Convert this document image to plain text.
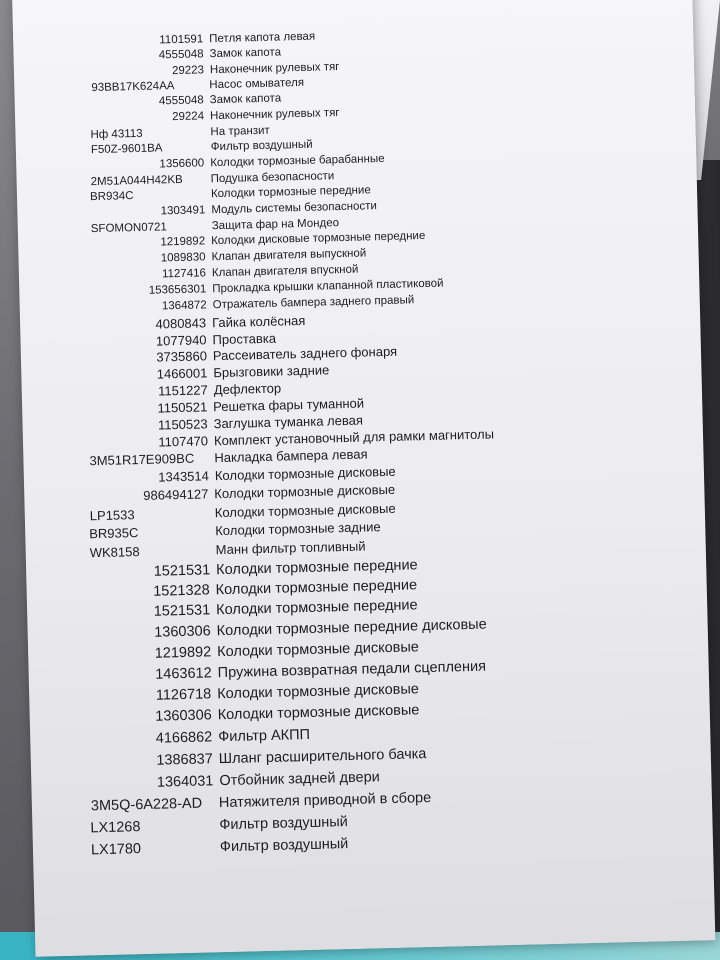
1101591 Петля капота левая
4555048 Замок капота
29223 Наконечник рулевых тяг
93BB17K624AA	Насос омывателя
4555048 Замок капота
29224 Наконечник рулевых тяг
Нф 43113	На транзит
F50Z-9601BA	Фильтр воздушный
1356600 Колодки тормозные барабанные
2M51A044H42KB Подушка безопасности
BR934C	Колодки тормозные передние
1303491 Модуль системы безопасности
SFOMON0721	Защита фар на Мондео
1219892 Колодки дисковые тормозные передние
1089830 Клапан двигателя выпускной
1127416 Клапан двигателя впускной
153656301 Прокладка крышки клапанной пластиковой
1364872 Отражатель бампера заднего правый
4080843 Гайка колёсная
1077940 Проставка
3735860 Рассеиватель заднего фонаря
1466001 Брызговики задние
1151227 Дефлектор
1150521 Решетка фары туманной
1150523 Заглушка туманка левая
1107470 Комплект установочный для рамки магнитолы
3M51R17E909BC Накладка бампера левая
1343514 Колодки тормозные дисковые
986494127 Колодки тормозные дисковые
LP1533	Колодки тормозные дисковые
BR935C	Колодки тормозные задние
WK8158	Манн фильтр топливный
1521531 Колодки тормозные передние
1521328 Колодки тормозные передние
1521531 Колодки тормозные передние
1360306 Колодки тормозные передние дисковые
1219892 Колодки тормозные дисковые
1463612 Пружина возвратная педали сцепления
1126718 Колодки тормозные дисковые
1360306 Колодки тормозные дисковые
4166862 Фильтр АКПП
1386837 Шланг расширительного бачка
1364031 Отбойник задней двери
3M5Q-6A228-AD Натяжителя приводной в сборе
LX1268	Фильтр воздушный
LX1780	Фильтр воздушный
